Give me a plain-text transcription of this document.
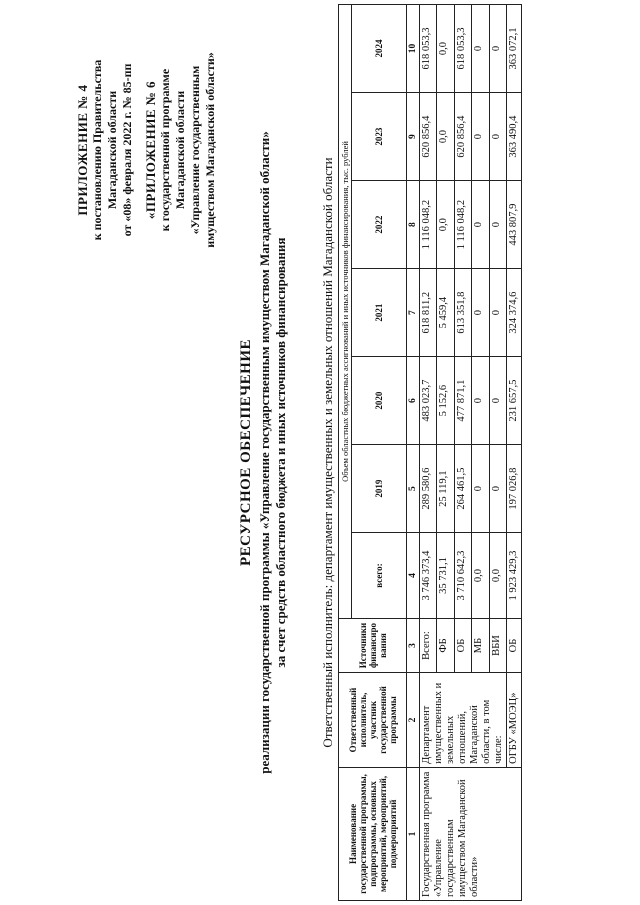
ПРИЛОЖЕНИЕ № 4 к постановлению Правительства Магаданской области от «08» февраля 2022 г. № 85-пп «ПРИЛОЖЕНИЕ № 6 к государственной программе Магаданской области «Управление государственным имуществом Магаданской области»
РЕСУРСНОЕ ОБЕСПЕЧЕНИЕ реализации государственной программы «Управление государственным имуществом Магаданской области» за счет средств областного бюджета и иных источников финансирования Ответственный исполнитель: департамент имущественных и земельных отношений Магаданской области
Наименование государственной программы, подпрограммы, основных мероприятий, мероприятий, подмероприятий	Ответственный исполнитель, участник государственной программы	Источники финансиро вания	Объем областных бюджетных ассигнований и иных источников финансирования, тыс. рублей						
			всего:	2019	2020	2021	2022	2023	2024
1	2	3	4	5	6	7	8	9	10
Государственная программа «Управление государственным имуществом Магаданской области»	Департамент имущественных и земельных отношений, Магаданской области, в том числе:	Всего:	3 746 373,4	289 580,6	483 023,7	618 811,2	1 116 048,2	620 856,4	618 053,3
		ФБ	35 731,1	25 119,1	5 152,6	5 459,4	0,0	0,0	0,0
		ОБ	3 710 642,3	264 461,5	477 871,1	613 351,8	1 116 048,2	620 856,4	618 053,3
		МБ	0,0	0	0	0	0	0	0
		ВБИ	0,0	0	0	0	0	0	0
	ОГБУ «МОЭЦ»	ОБ	1 923 429,3	197 026,8	231 657,5	324 374,6	443 807,9	363 490,4	363 072,1
